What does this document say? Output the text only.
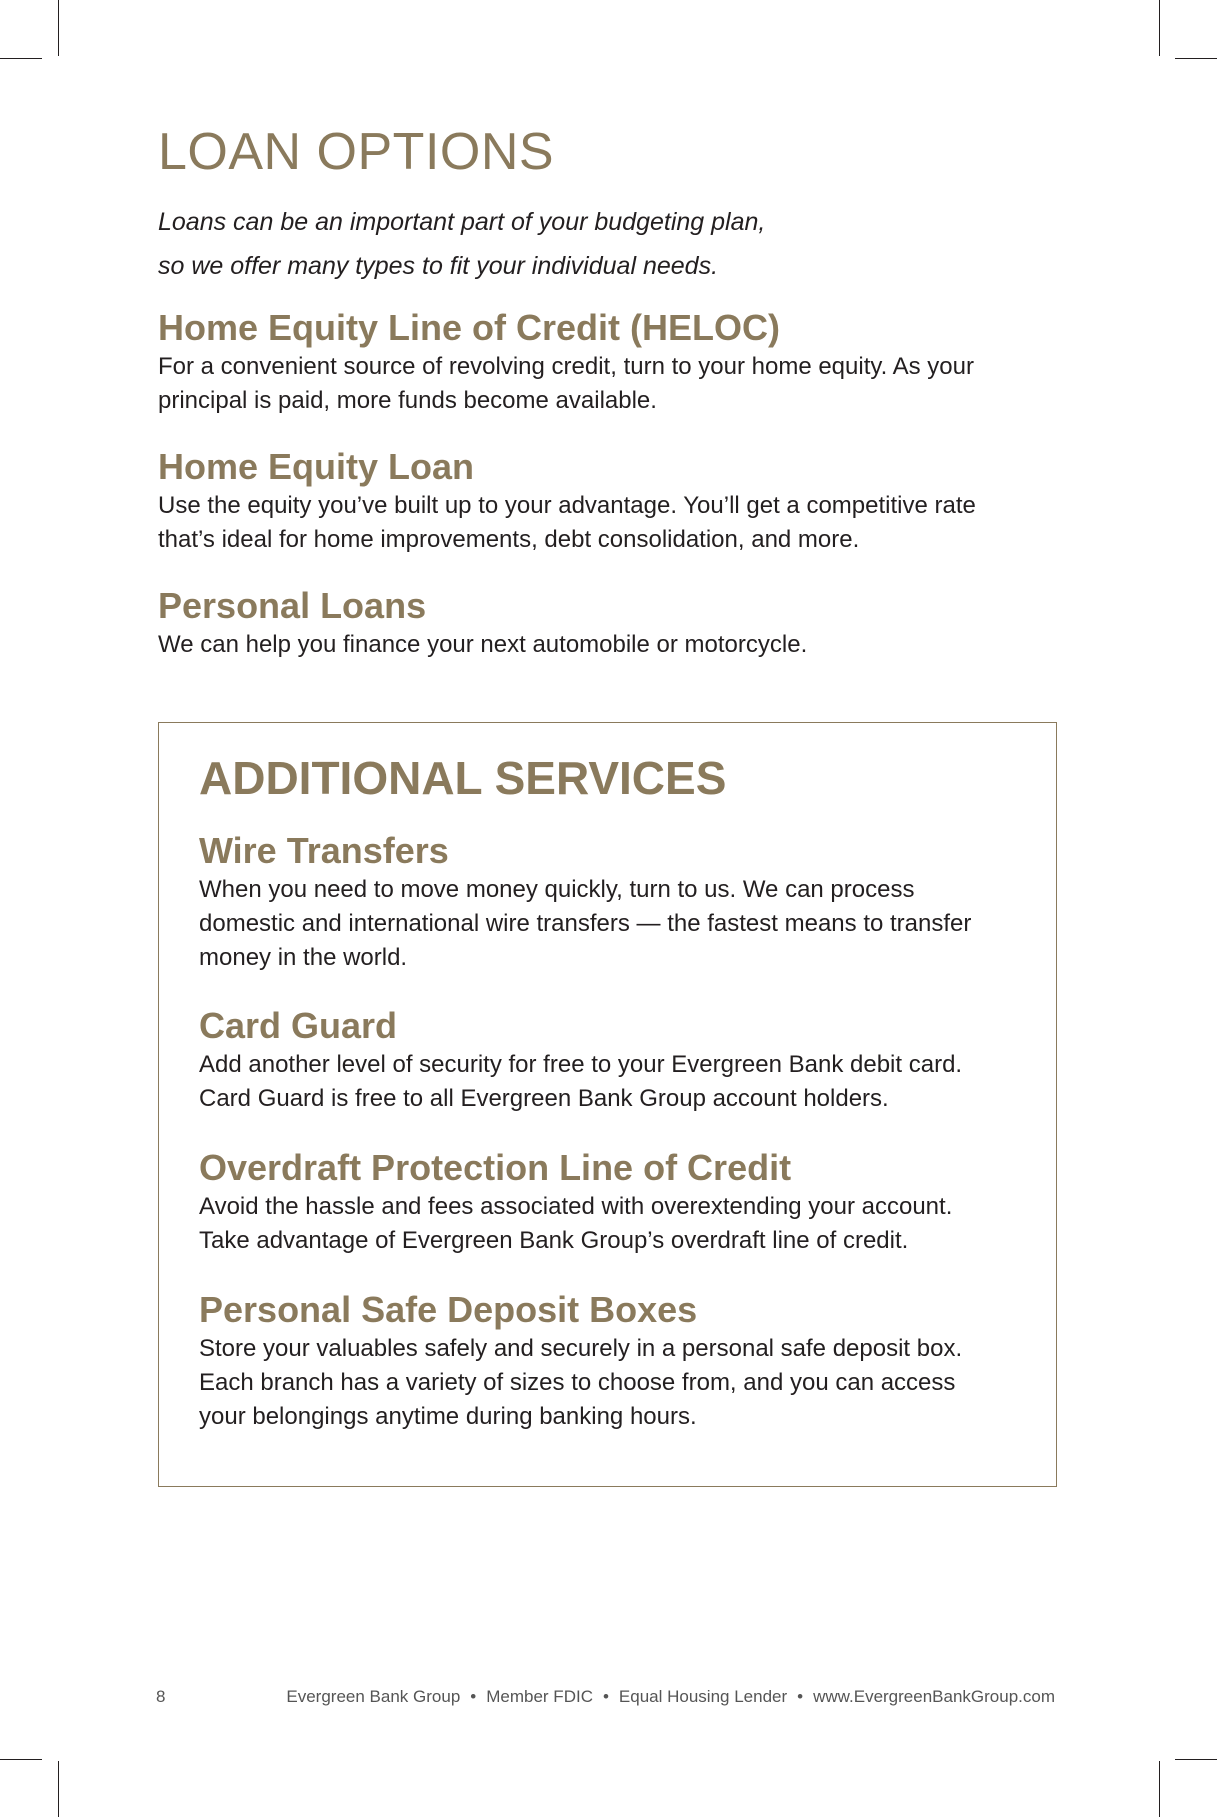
LOAN OPTIONS
Loans can be an important part of your budgeting plan,
so we offer many types to fit your individual needs.
Home Equity Line of Credit (HELOC)

For a convenient source of revolving credit, turn to your home equity. As your
principal is paid, more funds become available.

Home Equity Loan

Use the equity you’ve built up to your advantage. You’ll get a competitive rate
that’s ideal for home improvements, debt consolidation, and more.

Personal Loans

We can help you finance your next automobile or motorcycle.

ADDITIONAL SERVICES
Wire Transfers

When you need to move money quickly, turn to us. We can process
domestic and international wire transfers — the fastest means to transfer
money in the world.

Card Guard

Add another level of security for free to your Evergreen Bank debit card.
Card Guard is free to all Evergreen Bank Group account holders.

Overdraft Protection Line of Credit

Avoid the hassle and fees associated with overextending your account.
Take advantage of Evergreen Bank Group’s overdraft line of credit.

Personal Safe Deposit Boxes

Store your valuables safely and securely in a personal safe deposit box.
Each branch has a variety of sizes to choose from, and you can access
your belongings anytime during banking hours.

8	Evergreen Bank Group • Member FDIC • Equal Housing Lender • www.EvergreenBankGroup.com
